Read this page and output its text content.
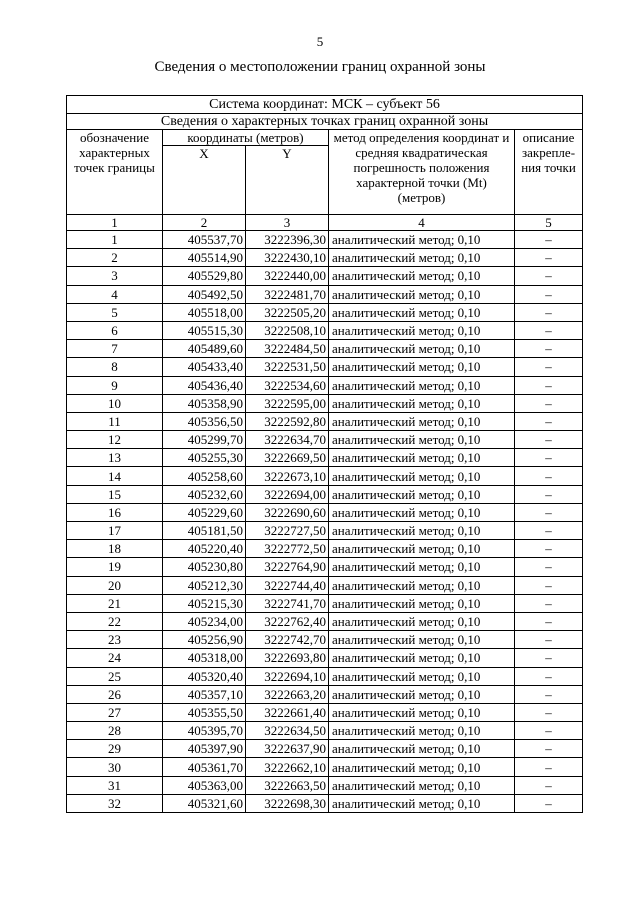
5
Сведения о местоположении границ охранной зоны
Система координат: МСК – субъект 56				
Сведения о характерных точках границ охранной зоны				
обозначение характерных точек границы	координаты (метров)		метод определения координат и средняя квадратическая погрешность положения характерной точки (Mt) (метров)	описание закрепле-ния точки
	X	Y		
1	2	3	4	5
1	405537,70	3222396,30	аналитический метод; 0,10	–
2	405514,90	3222430,10	аналитический метод; 0,10	–
3	405529,80	3222440,00	аналитический метод; 0,10	–
4	405492,50	3222481,70	аналитический метод; 0,10	–
5	405518,00	3222505,20	аналитический метод; 0,10	–
6	405515,30	3222508,10	аналитический метод; 0,10	–
7	405489,60	3222484,50	аналитический метод; 0,10	–
8	405433,40	3222531,50	аналитический метод; 0,10	–
9	405436,40	3222534,60	аналитический метод; 0,10	–
10	405358,90	3222595,00	аналитический метод; 0,10	–
11	405356,50	3222592,80	аналитический метод; 0,10	–
12	405299,70	3222634,70	аналитический метод; 0,10	–
13	405255,30	3222669,50	аналитический метод; 0,10	–
14	405258,60	3222673,10	аналитический метод; 0,10	–
15	405232,60	3222694,00	аналитический метод; 0,10	–
16	405229,60	3222690,60	аналитический метод; 0,10	–
17	405181,50	3222727,50	аналитический метод; 0,10	–
18	405220,40	3222772,50	аналитический метод; 0,10	–
19	405230,80	3222764,90	аналитический метод; 0,10	–
20	405212,30	3222744,40	аналитический метод; 0,10	–
21	405215,30	3222741,70	аналитический метод; 0,10	–
22	405234,00	3222762,40	аналитический метод; 0,10	–
23	405256,90	3222742,70	аналитический метод; 0,10	–
24	405318,00	3222693,80	аналитический метод; 0,10	–
25	405320,40	3222694,10	аналитический метод; 0,10	–
26	405357,10	3222663,20	аналитический метод; 0,10	–
27	405355,50	3222661,40	аналитический метод; 0,10	–
28	405395,70	3222634,50	аналитический метод; 0,10	–
29	405397,90	3222637,90	аналитический метод; 0,10	–
30	405361,70	3222662,10	аналитический метод; 0,10	–
31	405363,00	3222663,50	аналитический метод; 0,10	–
32	405321,60	3222698,30	аналитический метод; 0,10	–
